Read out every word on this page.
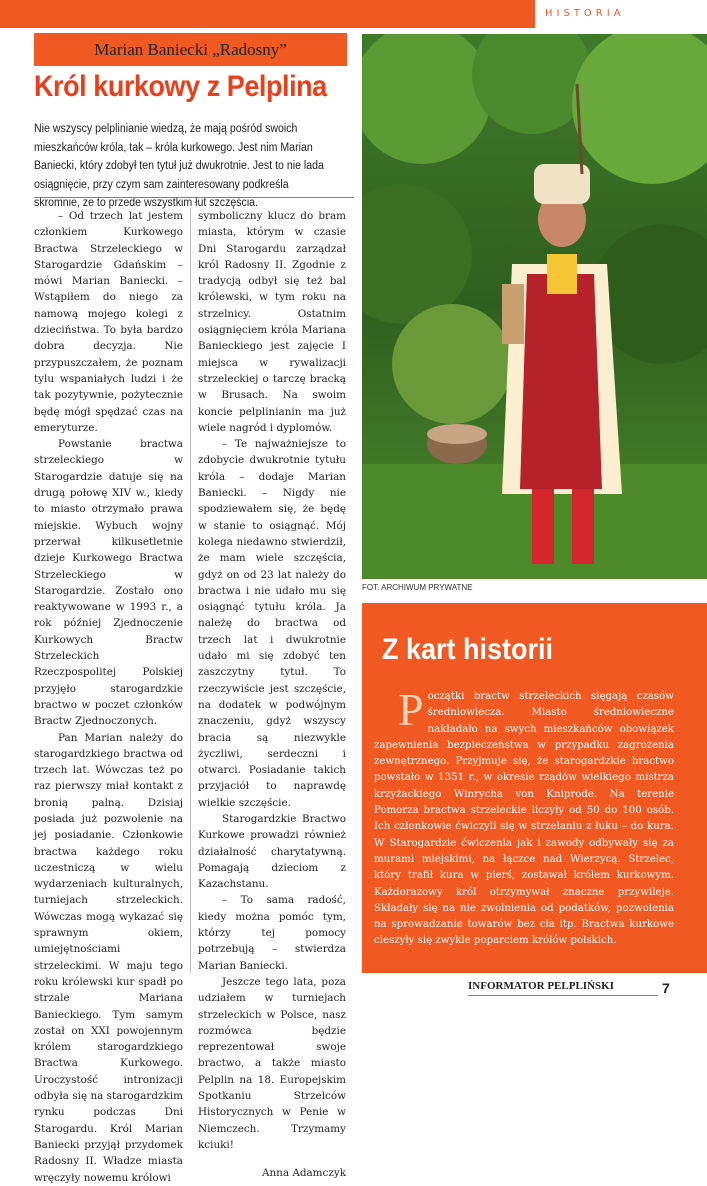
HISTORIA
Marian Baniecki „Radosny”
Król kurkowy z Pelplina
Nie wszyscy pelplinianie wiedzą, że mają pośród swoich mieszkańców króla, tak – króla kurkowego. Jest nim Marian Baniecki, który zdobył ten tytuł już dwukrotnie. Jest to nie lada osiągnięcie, przy czym sam zainteresowany podkreśla skromnie, że to przede wszystkim łut szczęścia.

– Od trzech lat jestem członkiem Kurkowego Bractwa Strzeleckiego w Starogardzie Gdańskim – mówi Marian Baniecki. – Wstąpiłem do niego za namową mojego kolegi z dzieciństwa. To była bardzo dobra decyzja. Nie przypuszczałem, że poznam tylu wspaniałych ludzi i że tak pozytywnie, pożytecznie będę mógł spędzać czas na emeryturze.

Powstanie bractwa strzeleckiego w Starogardzie datuje się na drugą połowę XIV w., kiedy to miasto otrzymało prawa miejskie. Wybuch wojny przerwał kilkusetletnie dzieje Kurkowego Bractwa Strzeleckiego w Starogardzie. Zostało ono reaktywowane w 1993 r., a rok później Zjednoczenie Kurkowych Bractw Strzeleckich Rzeczpospolitej Polskiej przyjęło starogardzkie bractwo w poczet członków Bractw Zjednoczonych.

Pan Marian należy do starogardzkiego bractwa od trzech lat. Wówczas też po raz pierwszy miał kontakt z bronią palną. Dzisiaj posiada już pozwolenie na jej posiadanie. Członkowie bractwa każdego roku uczestniczą w wielu wydarzeniach kulturalnych, turniejach strzeleckich. Wówczas mogą wykazać się sprawnym okiem, umiejętnościami strzeleckimi. W maju tego roku królewski kur spadł po strzale Mariana Banieckiego. Tym samym został on XXI powojennym królem starogardzkiego Bractwa Kurkowego. Uroczystość intronizacji odbyła się na starogardzkim rynku podczas Dni Starogardu. Król Marian Baniecki przyjął przydomek Radosny II. Władze miasta wręczyły nowemu królowi

symboliczny klucz do bram miasta, którym w czasie Dni Starogardu zarządzał król Radosny II. Zgodnie z tradycją odbył się też bal królewski, w tym roku na strzelnicy. Ostatnim osiągnięciem króla Mariana Banieckiego jest zajęcie I miejsca w rywalizacji strzeleckiej o tarczę bracką w Brusach. Na swoim koncie pelplinianin ma już wiele nagród i dyplomów.

– Te najważniejsze to zdobycie dwukrotnie tytułu króla – dodaje Marian Baniecki. – Nigdy nie spodziewałem się, że będę w stanie to osiągnąć. Mój kolega niedawno stwierdził, że mam wiele szczęścia, gdyż on od 23 lat należy do bractwa i nie udało mu się osiągnąć tytułu króla. Ja należę do bractwa od trzech lat i dwukrotnie udało mi się zdobyć ten zaszczytny tytuł. To rzeczywiście jest szczęście, na dodatek w podwójnym znaczeniu, gdyż wszyscy bracia są niezwykle życzliwi, serdeczni i otwarci. Posiadanie takich przyjaciół to naprawdę wielkie szczęście.

Starogardzkie Bractwo Kurkowe prowadzi również działalność charytatywną. Pomagają dzieciom z Kazachstanu.

– To sama radość, kiedy można pomóc tym, którzy tej pomocy potrzebują – stwierdza Marian Baniecki.

Jeszcze tego lata, poza udziałem w turniejach strzeleckich w Polsce, nasz rozmówca będzie reprezentował swoje bractwo, a także miasto Pelplin na 18. Europejskim Spotkaniu Strzelców Historycznych w Penie w Niemczech. Trzymamy kciuki!

Anna Adamczyk

FOT. ARCHIWUM PRYWATNE
Z kart historii
Początki bractw strzeleckich sięgają czasów średniowiecza. Miasto średniowieczne nakładało na swych mieszkańców obowiązek zapewnienia bezpieczeństwa w przypadku zagrożenia zewnętrznego. Przyjmuje się, że starogardzkie bractwo powstało w 1351 r., w okresie rządów wielkiego mistrza krzyżackiego Winrycha von Kniprode. Na terenie Pomorza bractwa strzeleckie liczyły od 50 do 100 osób. Ich członkowie ćwiczyli się w strzelaniu z łuku – do kura. W Starogardzie ćwiczenia jak i zawody odbywały się za murami miejskimi, na łączce nad Wierzycą. Strzelec, który trafił kura w pierś, zostawał królem kurkowym. Każdorazowy król otrzymywał znaczne przywileje. Składały się na nie zwolnienia od podatków, pozwolenia na sprowadzanie towarów bez cła itp. Bractwa kurkowe cieszyły się zwykle poparciem królów polskich.
INFORMATOR PELPLIŃSKI	7
